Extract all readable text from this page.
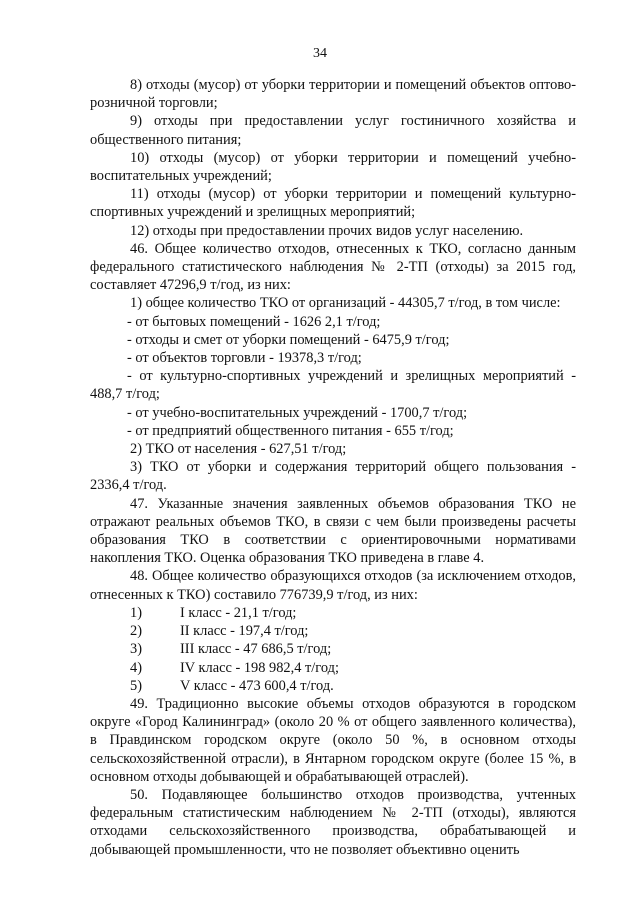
34

8) отходы (мусор) от уборки территории и помещений объектов оптово-розничной торговли;

9) отходы при предоставлении услуг гостиничного хозяйства и общественного питания;

10) отходы (мусор) от уборки территории и помещений учебно-воспитательных учреждений;

11) отходы (мусор) от уборки территории и помещений культурно-спортивных учреждений и зрелищных мероприятий;

12) отходы при предоставлении прочих видов услуг населению.

46. Общее количество отходов, отнесенных к ТКО, согласно данным федерального статистического наблюдения № 2-ТП (отходы) за 2015 год, составляет 47296,9 т/год, из них:

1) общее количество ТКО от организаций - 44305,7 т/год, в том числе:

- от бытовых помещений - 1626 2,1 т/год;

- отходы и смет от уборки помещений - 6475,9 т/год;

- от объектов торговли - 19378,3 т/год;

- от культурно-спортивных учреждений и зрелищных мероприятий - 488,7 т/год;

- от учебно-воспитательных учреждений - 1700,7 т/год;

- от предприятий общественного питания - 655 т/год;

2) ТКО от населения - 627,51 т/год;

3) ТКО от уборки и содержания территорий общего пользования - 2336,4 т/год.

47. Указанные значения заявленных объемов образования ТКО не отражают реальных объемов ТКО, в связи с чем были произведены расчеты образования ТКО в соответствии с ориентировочными нормативами накопления ТКО. Оценка образования ТКО приведена в главе 4.

48. Общее количество образующихся отходов (за исключением отходов, отнесенных к ТКО) составило 776739,9 т/год, из них:

1)	I класс - 21,1 т/год;
2)	II класс - 197,4 т/год;
3)	III класс - 47 686,5 т/год;
4)	IV класс - 198 982,4 т/год;
5)	V класс - 473 600,4 т/год.

49. Традиционно высокие объемы отходов образуются в городском округе «Город Калининград» (около 20 % от общего заявленного количества), в Правдинском городском округе (около 50 %, в основном отходы сельскохозяйственной отрасли), в Янтарном городском округе (более 15 %, в основном отходы добывающей и обрабатывающей отраслей).

50. Подавляющее большинство отходов производства, учтенных федеральным статистическим наблюдением № 2-ТП (отходы), являются отходами сельскохозяйственного производства, обрабатывающей и добывающей промышленности, что не позволяет объективно оценить
